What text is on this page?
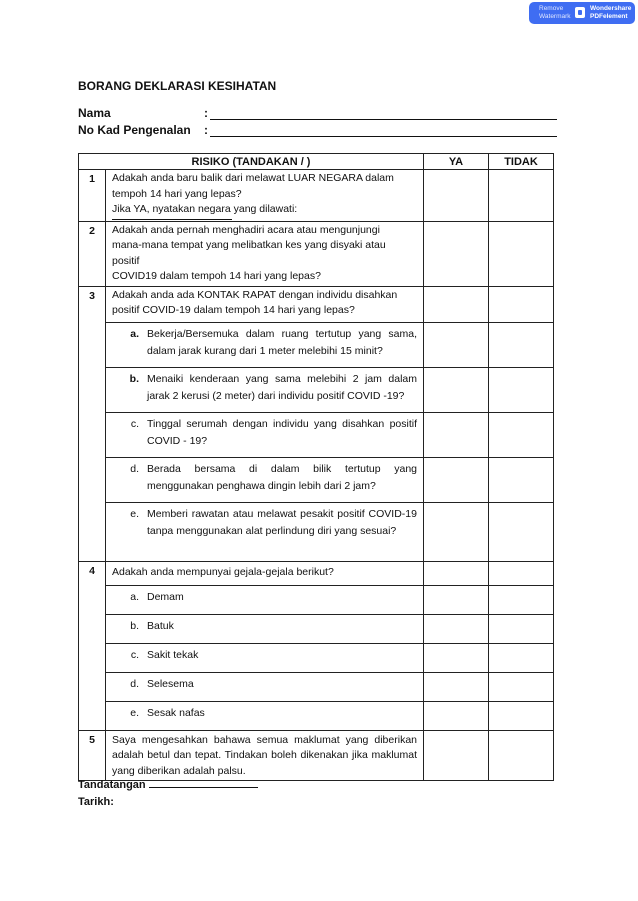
Remove
Watermark
Wondershare
PDFelement
BORANG DEKLARASI KESIHATAN
Nama	:
No Kad Pengenalan :
RISIKO (TANDAKAN / )		YA	TIDAK
1	Adakah anda baru balik dari melawat LUAR NEGARA dalam
tempoh 14 hari yang lepas?
Jika YA, nyatakan negara yang dilawati:		

2	Adakah anda pernah menghadiri acara atau mengunjungi
mana-mana tempat yang melibatkan kes yang disyaki atau
positif
COVID19 dalam tempoh 14 hari yang lepas?		

3	Adakah anda ada KONTAK RAPAT dengan individu disahkan
positif COVID-19 dalam tempoh 14 hari yang lepas?		

	a. Bekerja/Bersemuka dalam ruang tertutup yang sama, dalam jarak kurang dari 1 meter melebihi 15 minit?		

	b. Menaiki kenderaan yang sama melebihi 2 jam dalam jarak 2 kerusi (2 meter) dari individu positif COVID -19?		

	c. Tinggal serumah dengan individu yang disahkan positif COVID - 19?		

	d. Berada bersama di dalam bilik tertutup yang menggunakan penghawa dingin lebih dari 2 jam?		

	e. Memberi rawatan atau melawat pesakit positif COVID-19 tanpa menggunakan alat perlindung diri yang sesuai?		

4	Adakah anda mempunyai gejala-gejala berikut?		

	a. Demam		

	b. Batuk		

	c. Sakit tekak		

	d. Selesema		

	e. Sesak nafas		

5	Saya mengesahkan bahawa semua maklumat yang diberikan adalah betul dan tepat. Tindakan boleh dikenakan jika maklumat yang diberikan adalah palsu.		
Tandatangan
Tarikh:
